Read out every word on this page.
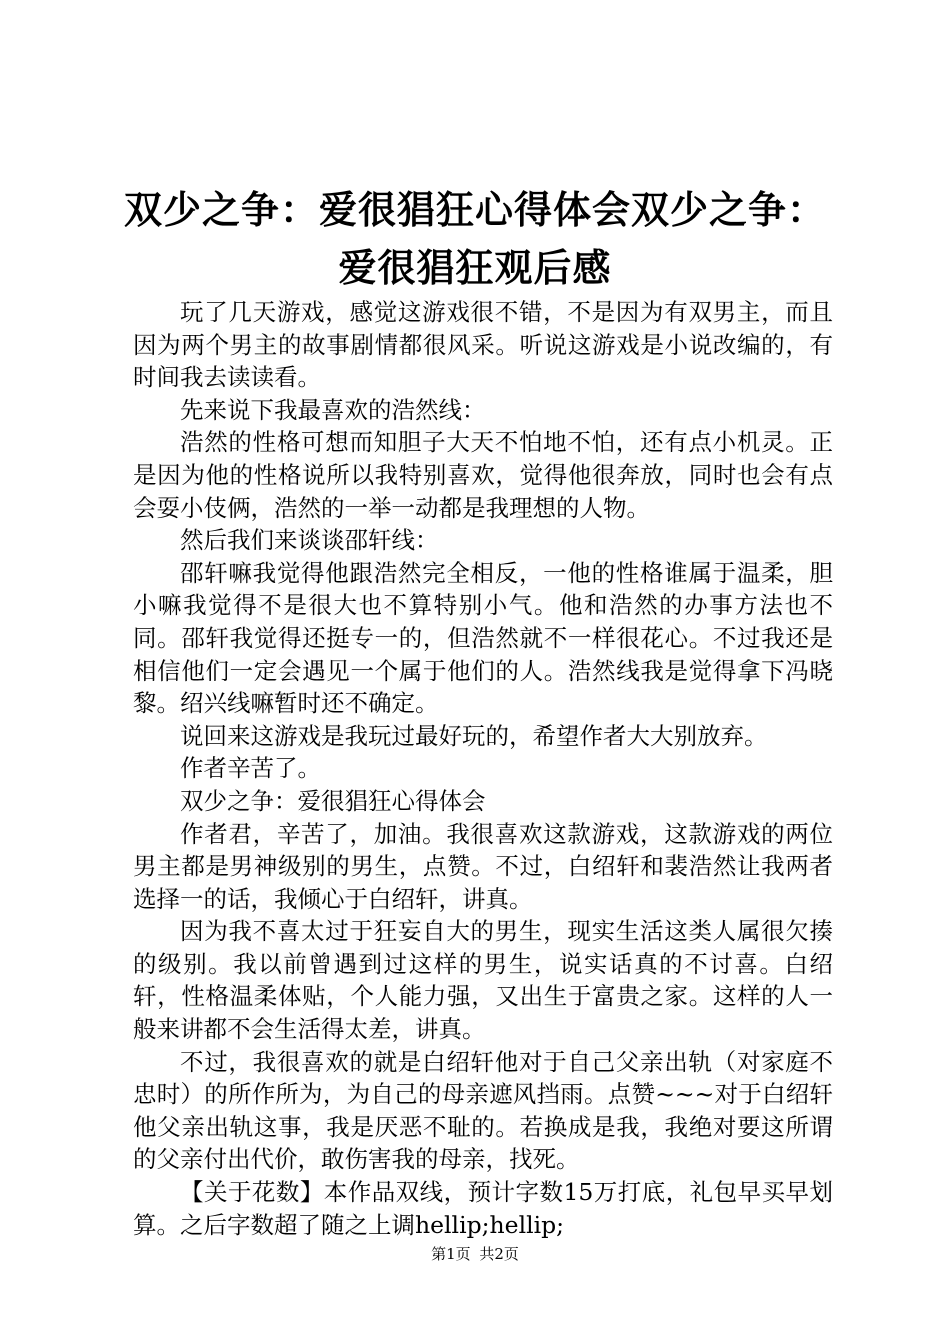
双少之争：爱很猖狂心得体会双少之争：爱很猖狂观后感

玩了几天游戏，感觉这游戏很不错，不是因为有双男主，而且因为两个男主的故事剧情都很风采。听说这游戏是小说改编的，有时间我去读读看。

先来说下我最喜欢的浩然线：

浩然的性格可想而知胆子大天不怕地不怕，还有点小机灵。正是因为他的性格说所以我特别喜欢，觉得他很奔放，同时也会有点会耍小伎俩，浩然的一举一动都是我理想的人物。

然后我们来谈谈邵轩线：

邵轩嘛我觉得他跟浩然完全相反，一他的性格谁属于温柔，胆小嘛我觉得不是很大也不算特别小气。他和浩然的办事方法也不同。邵轩我觉得还挺专一的，但浩然就不一样很花心。不过我还是相信他们一定会遇见一个属于他们的人。浩然线我是觉得拿下冯晓黎。绍兴线嘛暂时还不确定。

说回来这游戏是我玩过最好玩的，希望作者大大别放弃。

作者辛苦了。

双少之争：爱很猖狂心得体会

作者君，辛苦了，加油。我很喜欢这款游戏，这款游戏的两位男主都是男神级别的男生，点赞。不过，白绍轩和裴浩然让我两者选择一的话，我倾心于白绍轩，讲真。

因为我不喜太过于狂妄自大的男生，现实生活这类人属很欠揍的级别。我以前曾遇到过这样的男生，说实话真的不讨喜。白绍轩，性格温柔体贴，个人能力强，又出生于富贵之家。这样的人一般来讲都不会生活得太差，讲真。

不过，我很喜欢的就是白绍轩他对于自己父亲出轨（对家庭不忠时）的所作所为，为自己的母亲遮风挡雨。点赞~~~对于白绍轩他父亲出轨这事，我是厌恶不耻的。若换成是我，我绝对要这所谓的父亲付出代价，敢伤害我的母亲，找死。

【关于花数】本作品双线，预计字数15万打底，礼包早买早划算。之后字数超了随之上调hellip;hellip;

第1页 共2页
